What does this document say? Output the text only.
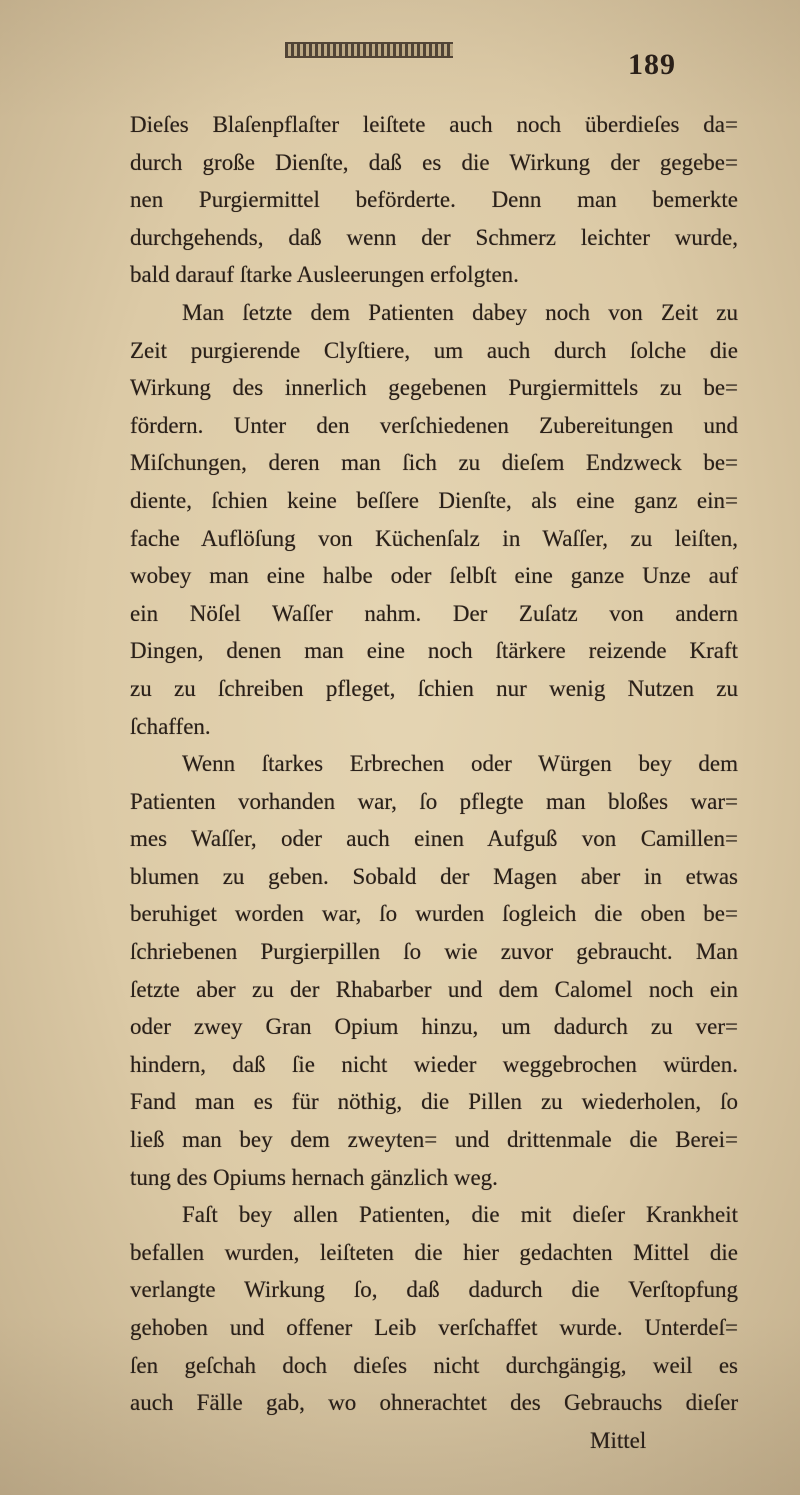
189
Dieſes Blaſenpflaſter leiſtete auch noch überdieſes da=
durch große Dienſte, daß es die Wirkung der gegebe=
nen Purgiermittel beförderte. Denn man bemerkte
durchgehends, daß wenn der Schmerz leichter wurde,
bald darauf ſtarke Ausleerungen erfolgten.
Man ſetzte dem Patienten dabey noch von Zeit zu
Zeit purgierende Clyſtiere, um auch durch ſolche die
Wirkung des innerlich gegebenen Purgiermittels zu be=
fördern. Unter den verſchiedenen Zubereitungen und
Miſchungen, deren man ſich zu dieſem Endzweck be=
diente, ſchien keine beſſere Dienſte, als eine ganz ein=
fache Auflöſung von Küchenſalz in Waſſer, zu leiſten,
wobey man eine halbe oder ſelbſt eine ganze Unze auf
ein Nöſel Waſſer nahm. Der Zuſatz von andern
Dingen, denen man eine noch ſtärkere reizende Kraft
zu zu ſchreiben pfleget, ſchien nur wenig Nutzen zu
ſchaffen.
Wenn ſtarkes Erbrechen oder Würgen bey dem
Patienten vorhanden war, ſo pflegte man bloßes war=
mes Waſſer, oder auch einen Aufguß von Camillen=
blumen zu geben. Sobald der Magen aber in etwas
beruhiget worden war, ſo wurden ſogleich die oben be=
ſchriebenen Purgierpillen ſo wie zuvor gebraucht. Man
ſetzte aber zu der Rhabarber und dem Calomel noch ein
oder zwey Gran Opium hinzu, um dadurch zu ver=
hindern, daß ſie nicht wieder weggebrochen würden.
Fand man es für nöthig, die Pillen zu wiederholen, ſo
ließ man bey dem zweyten= und drittenmale die Berei=
tung des Opiums hernach gänzlich weg.
Faſt bey allen Patienten, die mit dieſer Krankheit
befallen wurden, leiſteten die hier gedachten Mittel die
verlangte Wirkung ſo, daß dadurch die Verſtopfung
gehoben und offener Leib verſchaffet wurde. Unterdeſ=
ſen geſchah doch dieſes nicht durchgängig, weil es
auch Fälle gab, wo ohnerachtet des Gebrauchs dieſer
Mittel
